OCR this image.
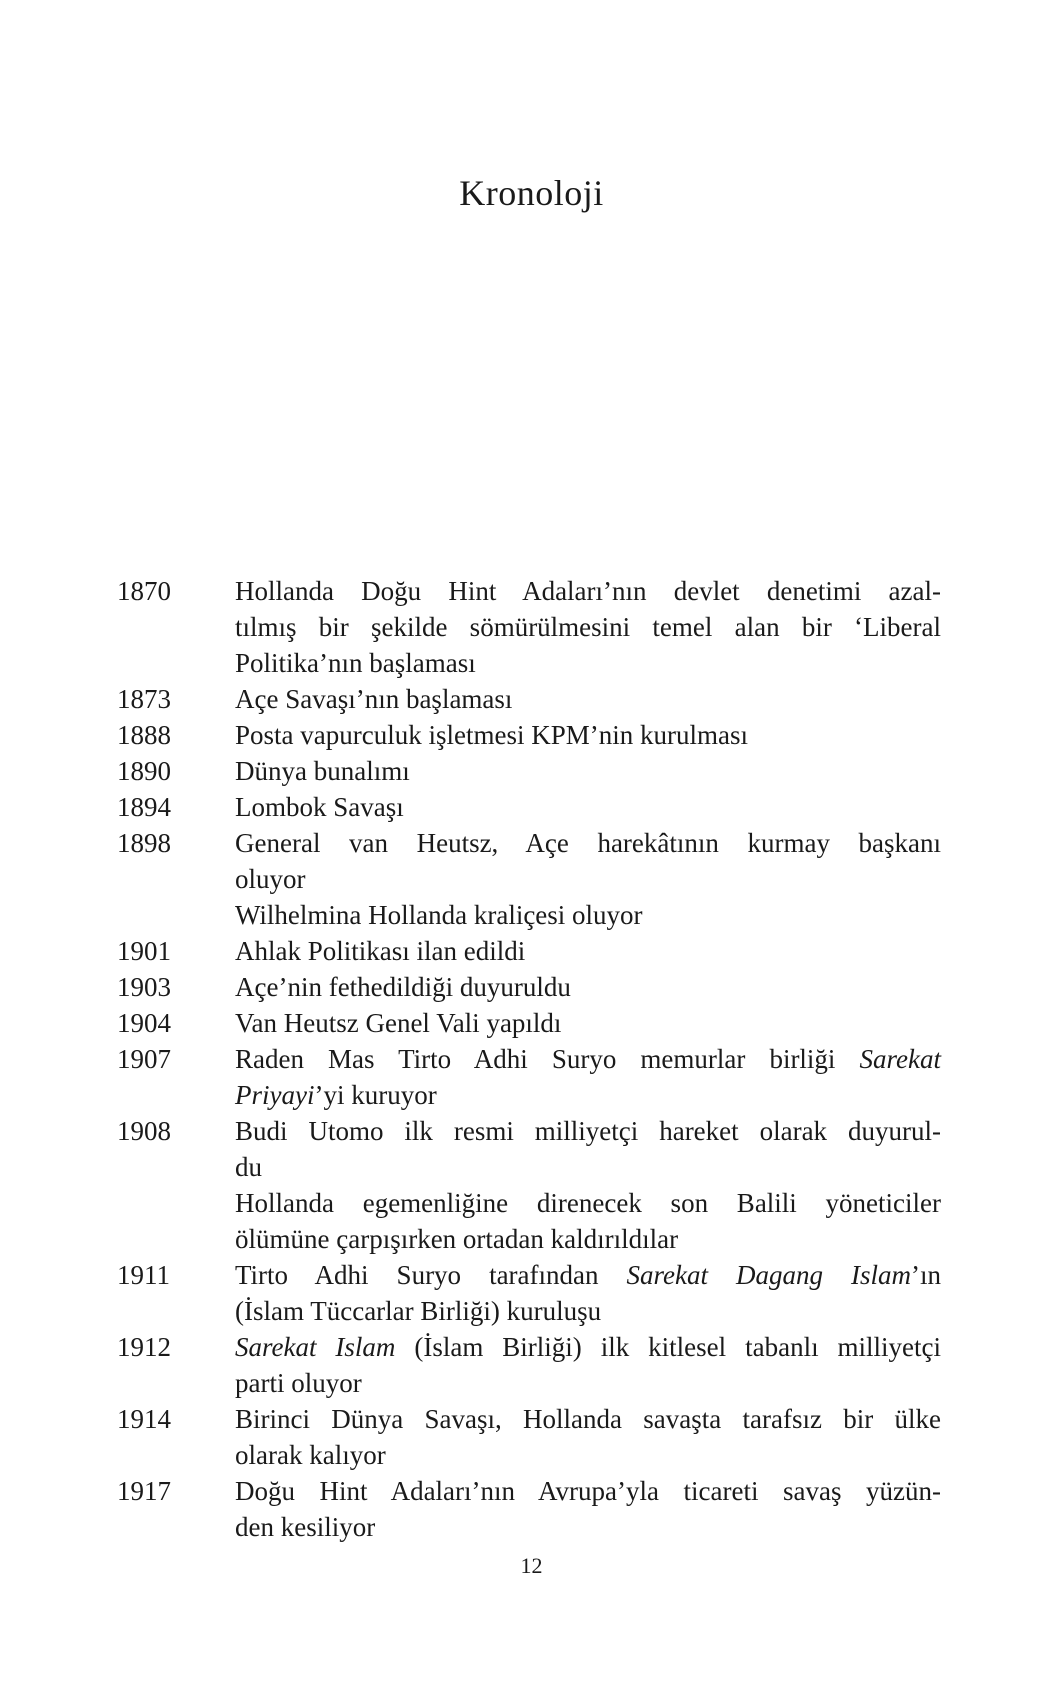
Kronoloji
1870	Hollanda Doğu Hint Adaları’nın devlet denetimi azal-
tılmış bir şekilde sömürülmesini temel alan bir ‘Liberal
Politika’nın başlaması
1873	Açe Savaşı’nın başlaması
1888	Posta vapurculuk işletmesi KPM’nin kurulması
1890	Dünya bunalımı
1894	Lombok Savaşı
1898	General van Heutsz, Açe harekâtının kurmay başkanı
oluyor
Wilhelmina Hollanda kraliçesi oluyor
1901	Ahlak Politikası ilan edildi
1903	Açe’nin fethedildiği duyuruldu
1904	Van Heutsz Genel Vali yapıldı
1907	Raden Mas Tirto Adhi Suryo memurlar birliği Sarekat
Priyayi’yi kuruyor
1908	Budi Utomo ilk resmi milliyetçi hareket olarak duyurul-
du
Hollanda egemenliğine direnecek son Balili yöneticiler
ölümüne çarpışırken ortadan kaldırıldılar
1911	Tirto Adhi Suryo tarafından Sarekat Dagang Islam’ın
(İslam Tüccarlar Birliği) kuruluşu
1912	Sarekat Islam (İslam Birliği) ilk kitlesel tabanlı milliyetçi
parti oluyor
1914	Birinci Dünya Savaşı, Hollanda savaşta tarafsız bir ülke
olarak kalıyor
1917	Doğu Hint Adaları’nın Avrupa’yla ticareti savaş yüzün-
den kesiliyor
12
